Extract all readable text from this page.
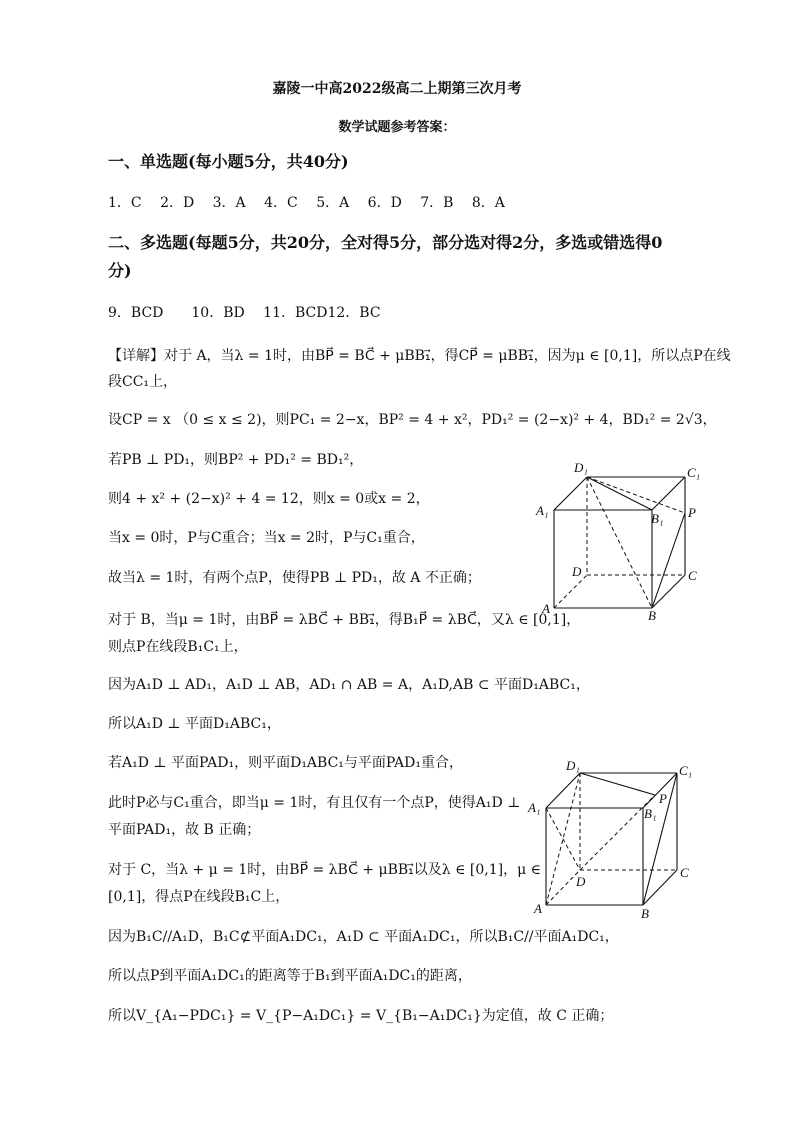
嘉陵一中高2022级高二上期第三次月考
数学试题参考答案：
一、单选题(每小题5分，共40分)
1．C　 2．D　 3．A　 4．C　 5．A　 6．D　 7．B　 8．A
二、多选题(每题5分，共20分，全对得5分，部分选对得2分，多选或错选得0
分)
9．BCD　　10．BD　 11．BCD12．BC
【详解】对于 A，当λ = 1时，由BP⃗ = BC⃗ + μBB₁⃗，得CP⃗ = μBB₁⃗，因为μ ∈ [0,1]，所以点P在线
段CC₁上，
设CP = x （0 ≤ x ≤ 2)，则PC₁ = 2−x，BP² = 4 + x²，PD₁² = (2−x)² + 4，BD₁² = 2√3，
若PB ⊥ PD₁，则BP² + PD₁² = BD₁²，
则4 + x² + (2−x)² + 4 = 12，则x = 0或x = 2，
当x = 0时，P与C重合；当x = 2时，P与C₁重合，
故当λ = 1时，有两个点P，使得PB ⊥ PD₁，故 A 不正确；
对于 B，当μ = 1时，由BP⃗ = λBC⃗ + BB₁⃗，得B₁P⃗ = λBC⃗，又λ ∈ [0,1]，
则点P在线段B₁C₁上，
因为A₁D ⊥ AD₁，A₁D ⊥ AB，AD₁ ∩ AB = A，A₁D,AB ⊂ 平面D₁ABC₁，
所以A₁D ⊥ 平面D₁ABC₁，
若A₁D ⊥ 平面PAD₁，则平面D₁ABC₁与平面PAD₁重合，
此时P必与C₁重合，即当μ = 1时，有且仅有一个点P，使得A₁D ⊥
平面PAD₁，故 B 正确；
对于 C，当λ + μ = 1时，由BP⃗ = λBC⃗ + μBB₁⃗以及λ ∈ [0,1]，μ ∈
[0,1]，得点P在线段B₁C上，
因为B₁C//A₁D，B₁C⊄平面A₁DC₁，A₁D ⊂ 平面A₁DC₁，所以B₁C//平面A₁DC₁，
所以点P到平面A₁DC₁的距离等于B₁到平面A₁DC₁的距离，
所以V_{A₁−PDC₁} = V_{P−A₁DC₁} = V_{B₁−A₁DC₁}为定值，故 C 正确；
D₁	C₁
A₁
B₁ P
D	C
A	B
D₁	C₁
A₁	B₁
P
D
C
A	B
